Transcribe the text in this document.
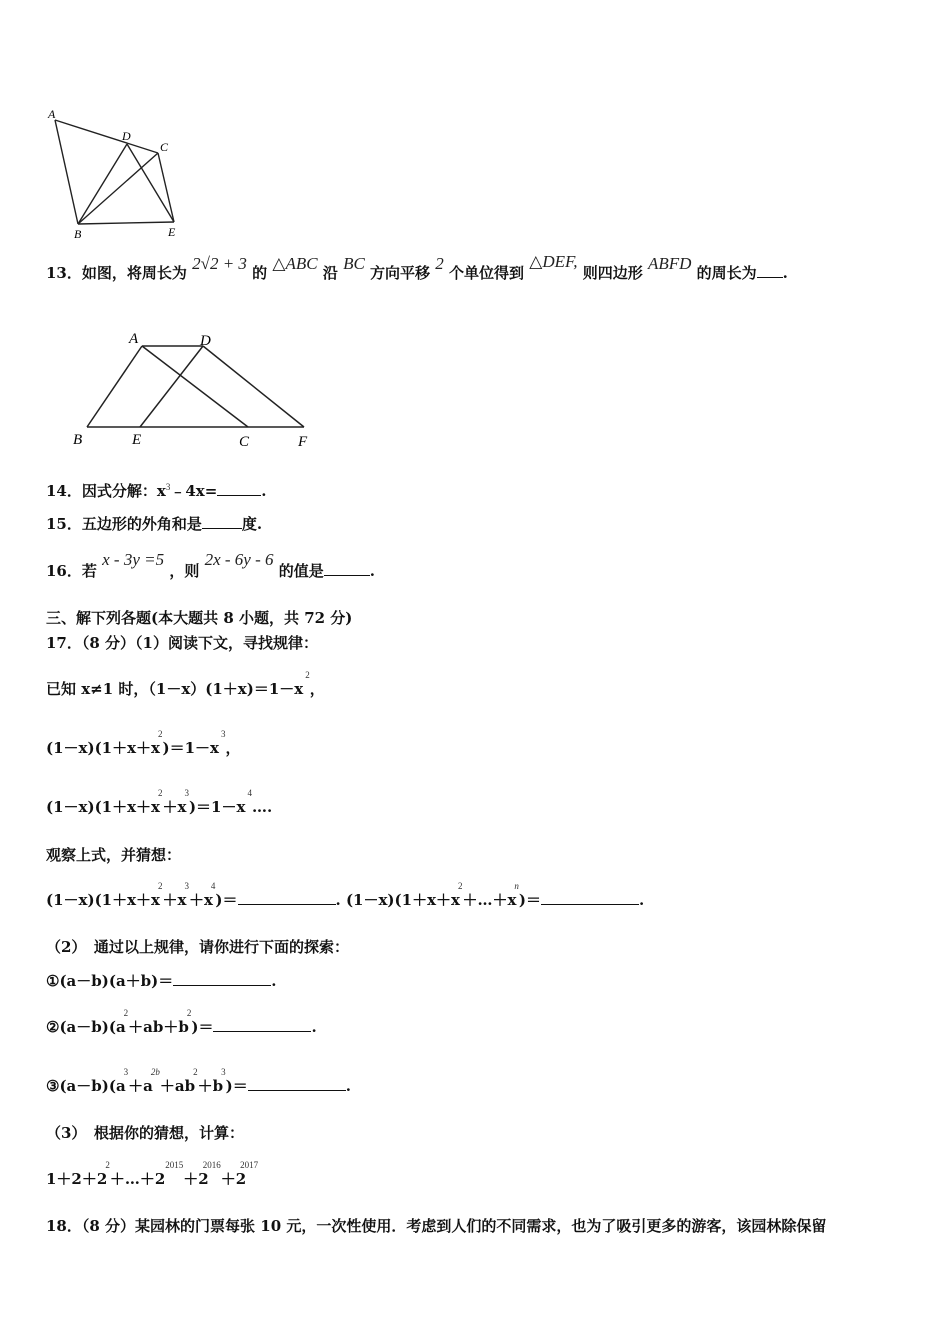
A
D
C
B	E
13．如图，将周长为 2√2 + 3 的 △ABC 沿 BC 方向平移 2 个单位得到 △DEF, 则四边形 ABFD 的周长为 .
A	D
B	E	C	F
14．因式分解：$x^3﹣4x=$	.
15．五边形的外角和是	度.
16．若 x - 3y =5 ，则 2x - 6y - 6 的值是	.
三、解下列各题(本大题共 8 小题，共 72 分)
17．（8 分）（1）阅读下文，寻找规律：
已知 x≠1 时，$(1-x)(1+x)=1-x^2$，
$(1-x)(1+x+x^2)=1-x^3$，
$(1-x)(1+x+x^2+x^3)=1-x^4\dots$.
观察上式，并猜想：
$(1-x)(1+x+x^2+x^3+x^4)=$	. $(1-x)(1+x+x^2+\dots+x^n)=$	.
（2）　通过以上规律，请你进行下面的探索：
①(a－b)(a＋b)＝	.
$②(a-b)(a^2+ab+b^2)=$	.
$③(a-b)(a^3+a^{2b}+ab^2+b^3)=$	.
（3）　根据你的猜想，计算：
$1+2+2^2+\dots+2^{2015}+2^{2016}+2^{2017}$
18．（8 分）某园林的门票每张 10 元，一次性使用．考虑到人们的不同需求，也为了吸引更多的游客，该园林除保留
